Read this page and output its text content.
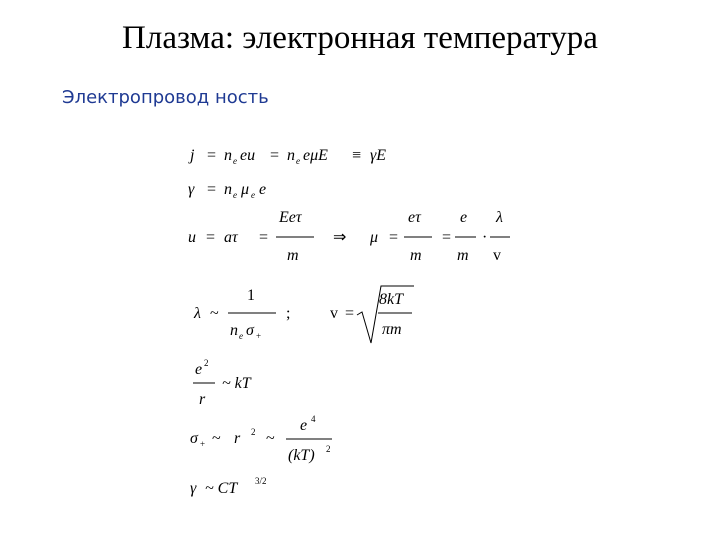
Плазма: электронная температура
Электропровод ность
j = n e eu = n e eμE ≡ γE
γ = n e μ e e
u = aτ =
Eeτ
m
⇒ μ =
eτ
m
=
e
m
·
λ
v
λ ~
1
n e σ +
; v =
8kT
πm
e 2
r
~ kT
σ + ~ r 2 ~
e 4
(kT) 2
γ ~ CT 3/2
